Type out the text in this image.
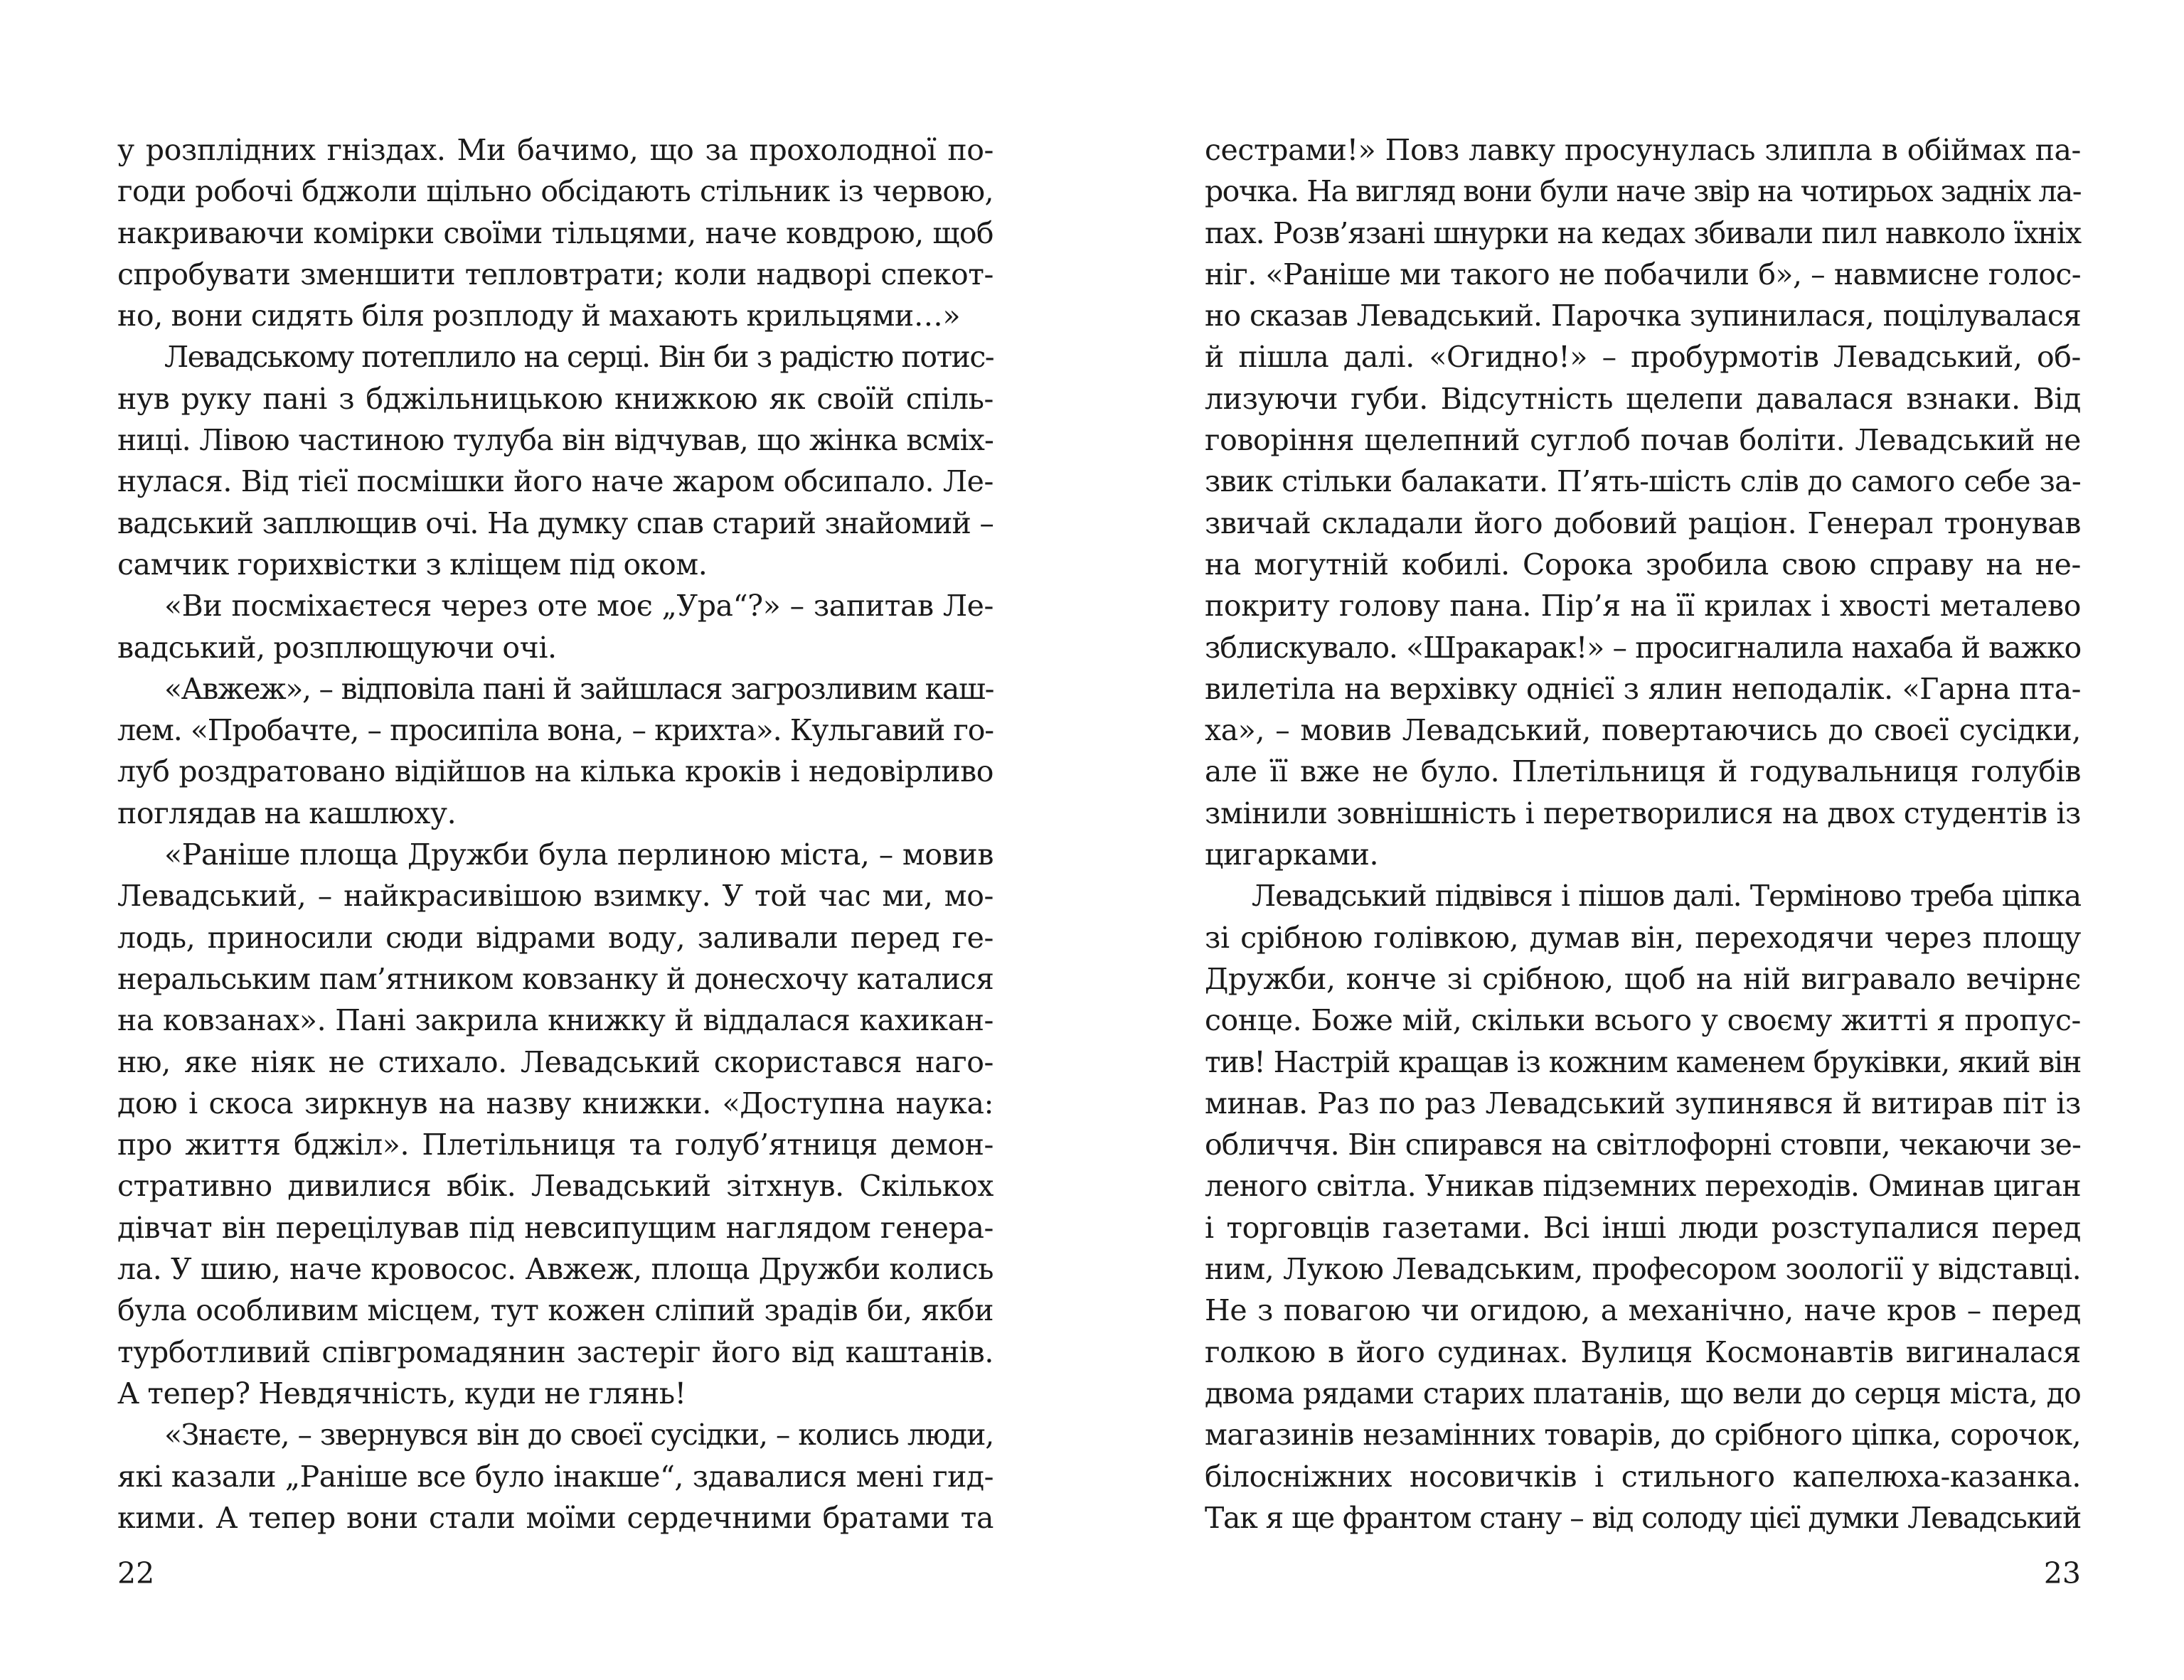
у розплідних гніздах. Ми бачимо, що за прохолодної по-
годи робочі бджоли щільно обсідають стільник із червою,
накриваючи комірки своїми тільцями, наче ковдрою, щоб
спробувати зменшити тепловтрати; коли надворі спекот-
но, вони сидять біля розплоду й махають крильцями…»
Левадському потеплило на серці. Він би з радістю потис-
нув руку пані з бджільницькою книжкою як своїй спіль-
ниці. Лівою частиною тулуба він відчував, що жінка всміх-
нулася. Від тієї посмішки його наче жаром обсипало. Ле-
вадський заплющив очі. На думку спав старий знайомий –
самчик горихвістки з кліщем під оком.
«Ви посміхаєтеся через оте моє „Ура“?» – запитав Ле-
вадський, розплющуючи очі.
«Авжеж», – відповіла пані й зайшлася загрозливим каш-
лем. «Пробачте, – просипіла вона, – крихта». Кульгавий го-
луб роздратовано відійшов на кілька кроків і недовірливо
поглядав на кашлюху.
«Раніше площа Дружби була перлиною міста, – мовив
Левадський, – найкрасивішою взимку. У той час ми, мо-
лодь, приносили сюди відрами воду, заливали перед ге-
неральським пам’ятником ковзанку й донесхочу каталися
на ковзанах». Пані закрила книжку й віддалася кахикан-
ню, яке ніяк не стихало. Левадський скористався наго-
дою і скоса зиркнув на назву книжки. «Доступна наука:
про життя бджіл». Плетільниця та голуб’ятниця демон-
стративно дивилися вбік. Левадський зітхнув. Скількох
дівчат він перецілував під невсипущим наглядом генера-
ла. У шию, наче кровосос. Авжеж, площа Дружби колись
була особливим місцем, тут кожен сліпий зрадів би, якби
турботливий співгромадянин застеріг його від каштанів.
А тепер? Невдячність, куди не глянь!
«Знаєте, – звернувся він до своєї сусідки, – колись люди,
які казали „Раніше все було інакше“, здавалися мені гид-
кими. А тепер вони стали моїми сердечними братами та
22
сестрами!» Повз лавку просунулась злипла в обіймах па-
рочка. На вигляд вони були наче звір на чотирьох задніх ла-
пах. Розв’язані шнурки на кедах збивали пил навколо їхніх
ніг. «Раніше ми такого не побачили б», – навмисне голос-
но сказав Левадський. Парочка зупинилася, поцілувалася
й пішла далі. «Огидно!» – пробурмотів Левадський, об-
лизуючи губи. Відсутність щелепи давалася взнаки. Від
говоріння щелепний суглоб почав боліти. Левадський не
звик стільки балакати. П’ять-шість слів до самого себе за-
звичай складали його добовий раціон. Генерал тронував
на могутній кобилі. Сорока зробила свою справу на не-
покриту голову пана. Пір’я на її крилах і хвості металево
зблискувало. «Шракарак!» – просигналила нахаба й важко
вилетіла на верхівку однієї з ялин неподалік. «Гарна пта-
ха», – мовив Левадський, повертаючись до своєї сусідки,
але її вже не було. Плетільниця й годувальниця голубів
змінили зовнішність і перетворилися на двох студентів із
цигарками.
Левадський підвівся і пішов далі. Терміново треба ціпка
зі срібною голівкою, думав він, переходячи через площу
Дружби, конче зі срібною, щоб на ній вигравало вечірнє
сонце. Боже мій, скільки всього у своєму житті я пропус-
тив! Настрій кращав із кожним каменем бруківки, який він
минав. Раз по раз Левадський зупинявся й витирав піт із
обличчя. Він спирався на світлофорні стовпи, чекаючи зе-
леного світла. Уникав підземних переходів. Оминав циган
і торговців газетами. Всі інші люди розступалися перед
ним, Лукою Левадським, професором зоології у відставці.
Не з повагою чи огидою, а механічно, наче кров – перед
голкою в його судинах. Вулиця Космонавтів вигиналася
двома рядами старих платанів, що вели до серця міста, до
магазинів незамінних товарів, до срібного ціпка, сорочок,
білосніжних носовичків і стильного капелюха-казанка.
Так я ще франтом стану – від солоду цієї думки Левадський
23
